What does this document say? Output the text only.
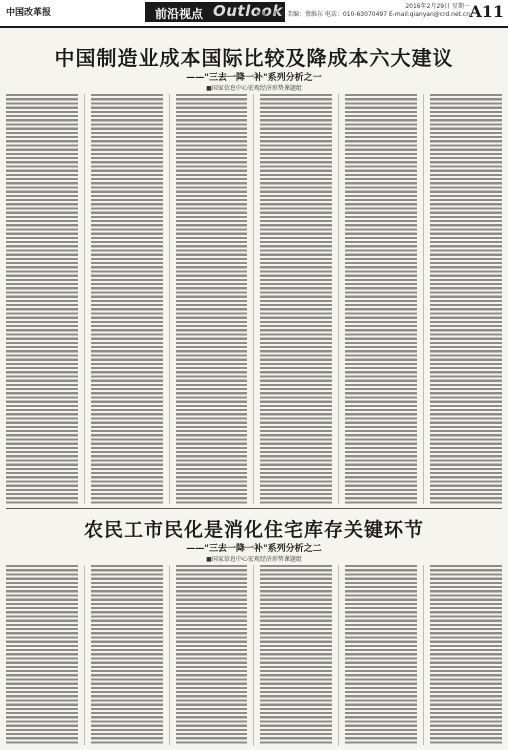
中国改革报	前沿视点 Outlook	2016年2月29日 星期一
责编：严冬 美编：蔡维东 电话：010-63070497 E-mail:qianyan@crd.net.cn A11
中国制造业成本国际比较及降成本六大建议
——"三去一降一补"系列分析之一
■国家信息中心宏观经济形势课题组
农民工市民化是消化住宅库存关键环节
——"三去一降一补"系列分析之二
■国家信息中心宏观经济形势课题组
